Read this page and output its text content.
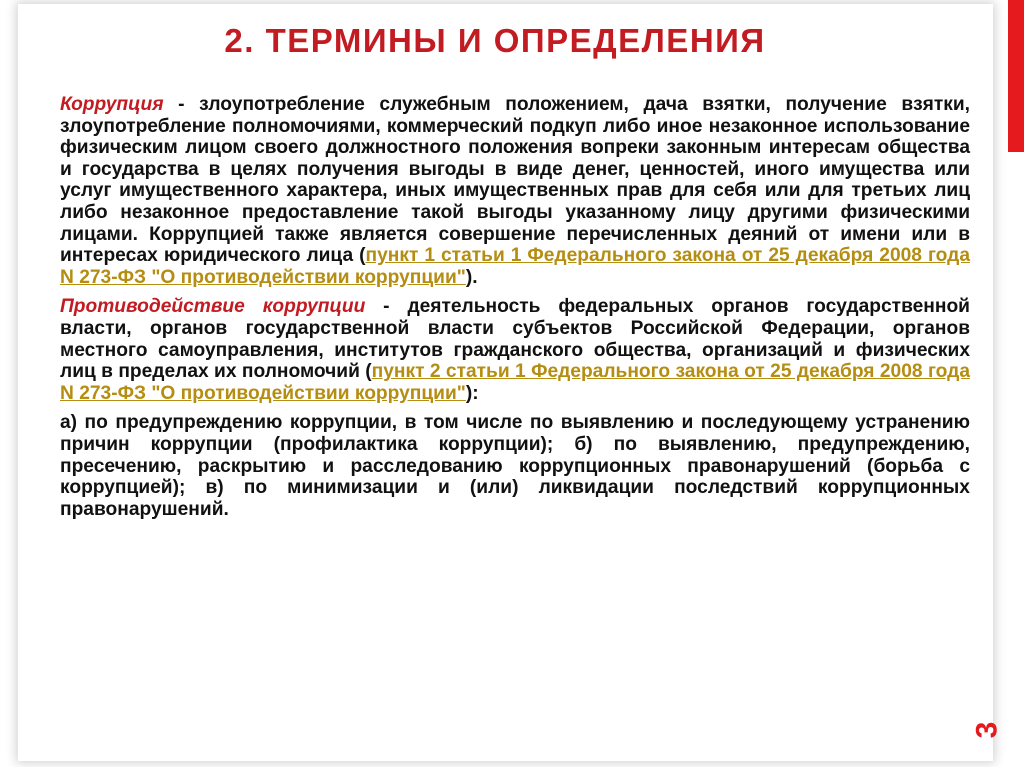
2. ТЕРМИНЫ И ОПРЕДЕЛЕНИЯ

Коррупция - злоупотребление служебным положением, дача взятки, получение взятки, злоупотребление полномочиями, коммерческий подкуп либо иное незаконное использование физическим лицом своего должностного положения вопреки законным интересам общества и государства в целях получения выгоды в виде денег, ценностей, иного имущества или услуг имущественного характера, иных имущественных прав для себя или для третьих лиц либо незаконное предоставление такой выгоды указанному лицу другими физическими лицами. Коррупцией также является совершение перечисленных деяний от имени или в интересах юридического лица (пункт 1 статьи 1 Федерального закона от 25 декабря 2008 года N 273-ФЗ "О противодействии коррупции").

Противодействие коррупции - деятельность федеральных органов государственной власти, органов государственной власти субъектов Российской Федерации, органов местного самоуправления, институтов гражданского общества, организаций и физических лиц в пределах их полномочий (пункт 2 статьи 1 Федерального закона от 25 декабря 2008 года N 273-ФЗ "О противодействии коррупции"):

а) по предупреждению коррупции, в том числе по выявлению и последующему устранению причин коррупции (профилактика коррупции); б) по выявлению, предупреждению, пресечению, раскрытию и расследованию коррупционных правонарушений (борьба с коррупцией); в) по минимизации и (или) ликвидации последствий коррупционных правонарушений.

3
